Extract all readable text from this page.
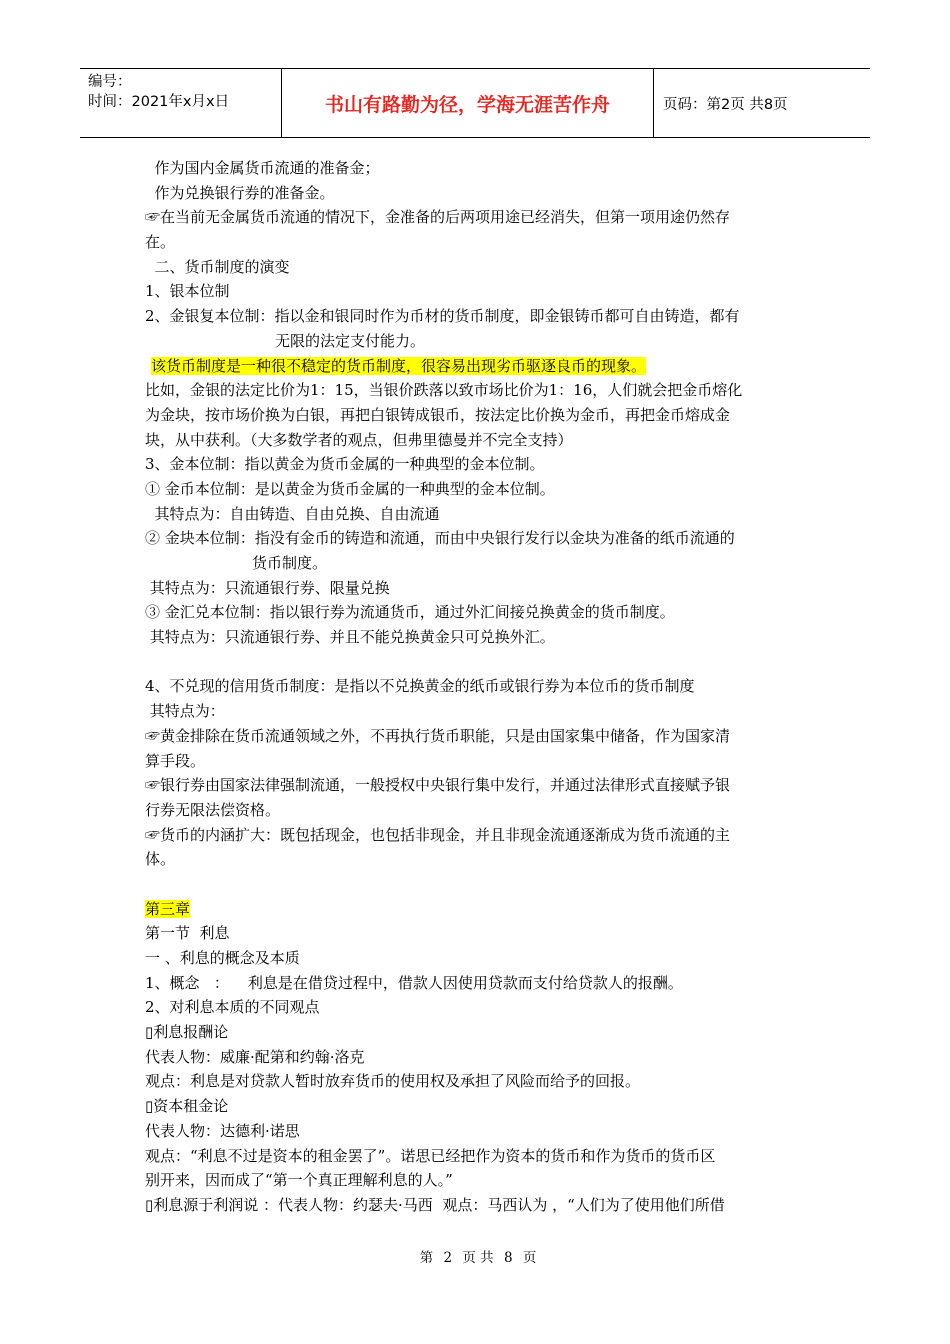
编号：
时间：2021年x月x日	书山有路勤为径，学海无涯苦作舟	页码：第2页 共8页
作为国内金属货币流通的准备金；
作为兑换银行券的准备金。
☞在当前无金属货币流通的情况下，金准备的后两项用途已经消失，但第一项用途仍然存
在。
二、货币制度的演变
1、银本位制
2、金银复本位制：指以金和银同时作为币材的货币制度，即金银铸币都可自由铸造，都有
无限的法定支付能力。
该货币制度是一种很不稳定的货币制度，很容易出现劣币驱逐良币的现象。
比如，金银的法定比价为1：15，当银价跌落以致市场比价为1：16，人们就会把金币熔化
为金块，按市场价换为白银，再把白银铸成银币，按法定比价换为金币，再把金币熔成金
块，从中获利。（大多数学者的观点，但弗里德曼并不完全支持）
3、金本位制：指以黄金为货币金属的一种典型的金本位制。
① 金币本位制：是以黄金为货币金属的一种典型的金本位制。
其特点为：自由铸造、自由兑换、自由流通
② 金块本位制：指没有金币的铸造和流通，而由中央银行发行以金块为准备的纸币流通的
货币制度。
其特点为：只流通银行券、限量兑换
③ 金汇兑本位制：指以银行券为流通货币，通过外汇间接兑换黄金的货币制度。
其特点为：只流通银行券、并且不能兑换黄金只可兑换外汇。
4、不兑现的信用货币制度：是指以不兑换黄金的纸币或银行券为本位币的货币制度
其特点为：
☞黄金排除在货币流通领域之外，不再执行货币职能，只是由国家集中储备，作为国家清
算手段。
☞银行券由国家法律强制流通，一般授权中央银行集中发行，并通过法律形式直接赋予银
行券无限法偿资格。
☞货币的内涵扩大：既包括现金，也包括非现金，并且非现金流通逐渐成为货币流通的主
体。
第三章
第一节  利息
一 、利息的概念及本质
1、概念   ：    利息是在借贷过程中，借款人因使用贷款而支付给贷款人的报酬。
2、对利息本质的不同观点
▯利息报酬论
代表人物：威廉·配第和约翰·洛克
观点：利息是对贷款人暂时放弃货币的使用权及承担了风险而给予的回报。
▯资本租金论
代表人物：达德利·诺思
观点：“利息不过是资本的租金罢了”。诺思已经把作为资本的货币和作为货币的货币区
别开来，因而成了“第一个真正理解利息的人。”
▯利息源于利润说 ：代表人物：约瑟夫·马西  观点：马西认为 ，“人们为了使用他们所借
第 2 页 共 8 页
